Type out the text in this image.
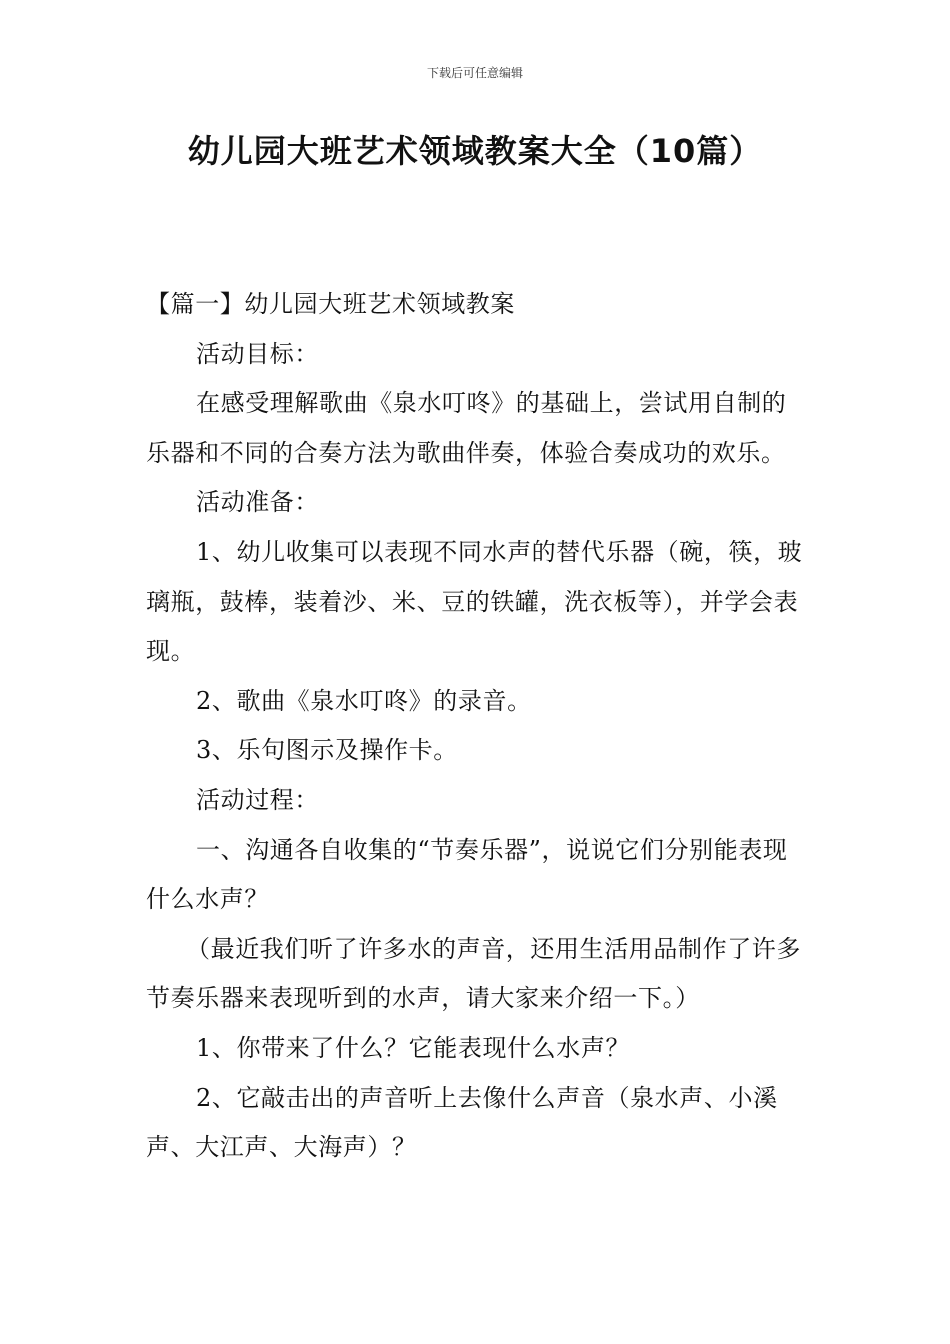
下载后可任意编辑
幼儿园大班艺术领域教案大全（10篇）

【篇一】幼儿园大班艺术领域教案

活动目标：

在感受理解歌曲《泉水叮咚》的基础上，尝试用自制的乐器和不同的合奏方法为歌曲伴奏，体验合奏成功的欢乐。

活动准备：

1、幼儿收集可以表现不同水声的替代乐器（碗，筷，玻璃瓶，鼓棒，装着沙、米、豆的铁罐，洗衣板等），并学会表现。

2、歌曲《泉水叮咚》的录音。

3、乐句图示及操作卡。

活动过程：

一、沟通各自收集的“节奏乐器”，说说它们分别能表现什么水声？

（最近我们听了许多水的声音，还用生活用品制作了许多节奏乐器来表现听到的水声，请大家来介绍一下。）

1、你带来了什么？它能表现什么水声？

2、它敲击出的声音听上去像什么声音（泉水声、小溪声、大江声、大海声）？
